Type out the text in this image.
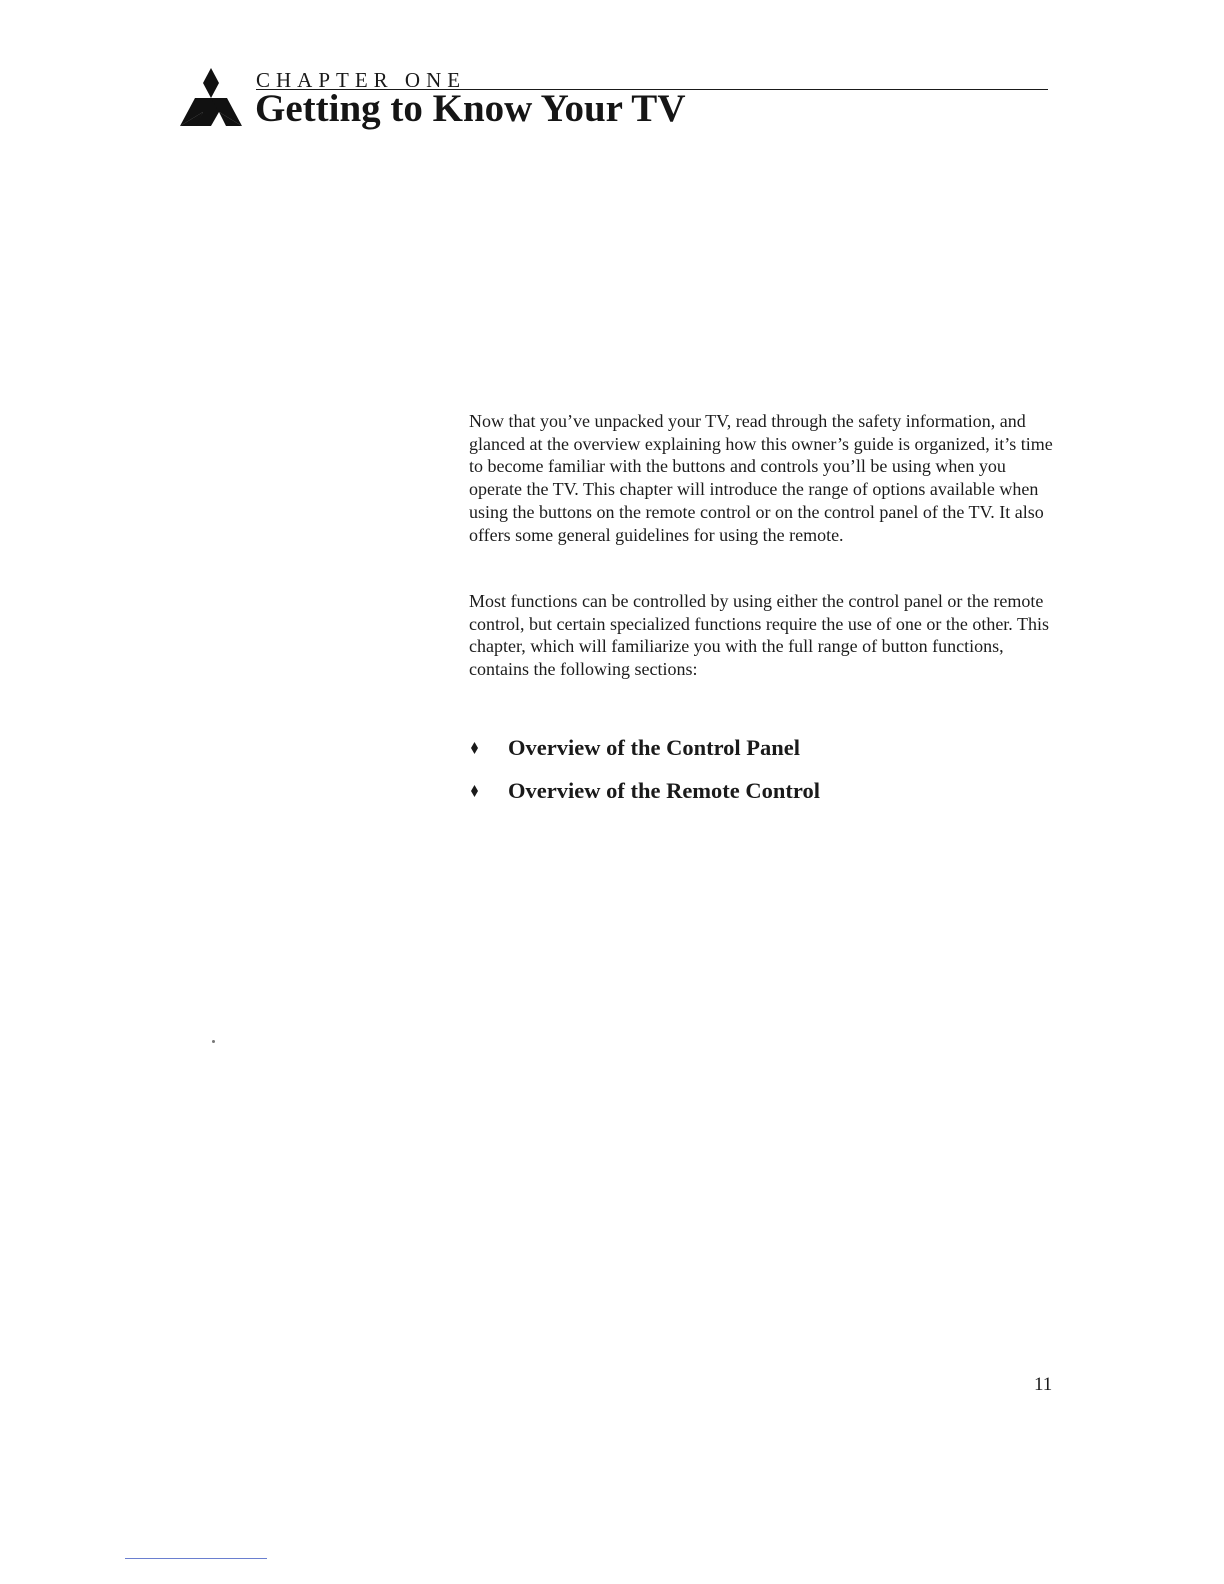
CHAPTER ONE
Getting to Know Your TV

Now that you’ve unpacked your TV, read through the safety information, and glanced at the overview explaining how this owner’s guide is organized, it’s time to become familiar with the buttons and controls you’ll be using when you operate the TV. This chapter will introduce the range of options available when using the buttons on the remote control or on the control panel of the TV. It also offers some general guidelines for using the remote.

Most functions can be controlled by using either the control panel or the remote control, but certain specialized functions require the use of one or the other. This chapter, which will familiarize you with the full range of button functions, contains the following sections:

Overview of the Control Panel
Overview of the Remote Control
11
